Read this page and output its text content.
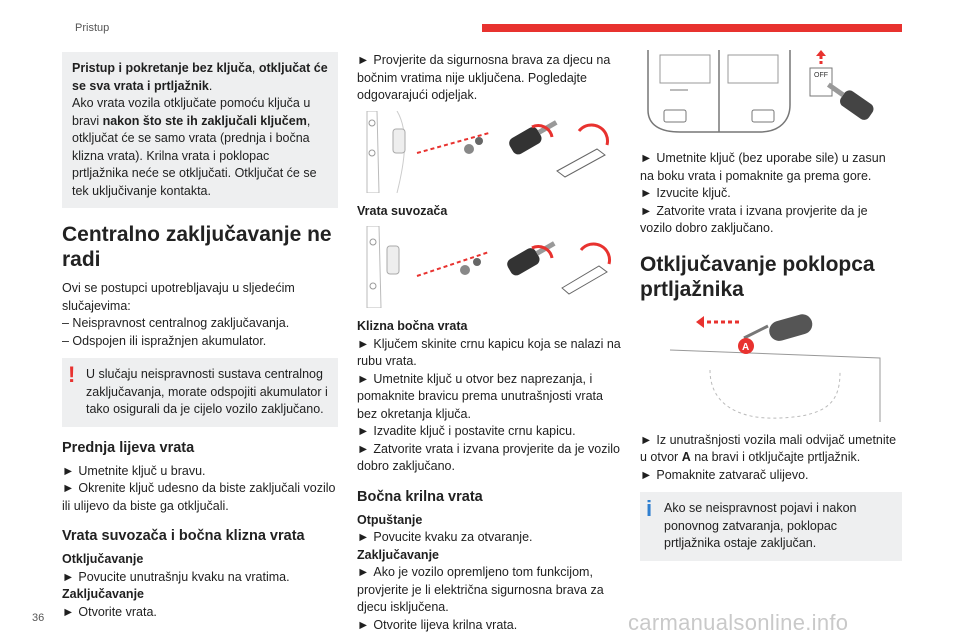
Pristup

Pristup i pokretanje bez ključa, otključat će se sva vrata i prtljažnik.

Ako vrata vozila otključate pomoću ključa u bravi nakon što ste ih zaključali ključem, otključat će se samo vrata (prednja i bočna klizna vrata). Krilna vrata i poklopac prtljažnika neće se otključati. Otključat će se tek uključivanje kontakta.

Centralno zaključavanje ne radi

Ovi se postupci upotrebljavaju u sljedećim slučajevima:

– Neispravnost centralnog zaključavanja.

– Odspojen ili ispražnjen akumulator.

! U slučaju neispravnosti sustava centralnog zaključavanja, morate odspojiti akumulator i tako osigurali da je cijelo vozilo zaključano.

Prednja lijeva vrata

► Umetnite ključ u bravu.

► Okrenite ključ udesno da biste zaključali vozilo ili ulijevo da biste ga otključali.

Vrata suvozača i bočna klizna vrata

Otključavanje

► Povucite unutrašnju kvaku na vratima.

Zaključavanje

► Otvorite vrata.

► Provjerite da sigurnosna brava za djecu na bočnim vratima nije uključena. Pogledajte odgovarajući odjeljak.

Vrata suvozača

Klizna bočna vrata

► Ključem skinite crnu kapicu koja se nalazi na rubu vrata.

► Umetnite ključ u otvor bez naprezanja, i pomaknite bravicu prema unutrašnjosti vrata bez okretanja ključa.

► Izvadite ključ i postavite crnu kapicu.

► Zatvorite vrata i izvana provjerite da je vozilo dobro zaključano.

Bočna krilna vrata

Otpuštanje

► Povucite kvaku za otvaranje.

Zaključavanje

► Ako je vozilo opremljeno tom funkcijom, provjerite je li električna sigurnosna brava za djecu isključena.

► Otvorite lijeva krilna vrata.

OFF

► Umetnite ključ (bez uporabe sile) u zasun na boku vrata i pomaknite ga prema gore.

► Izvucite ključ.

► Zatvorite vrata i izvana provjerite da je vozilo dobro zaključano.

Otključavanje poklopca prtljažnika
A

► Iz unutrašnjosti vozila mali odvijač umetnite u otvor A na bravi i otključajte prtljažnik.

► Pomaknite zatvarač ulijevo.

i Ako se neispravnost pojavi i nakon ponovnog zatvaranja, poklopac prtljažnika ostaje zaključan.

36	carmanualsonline.info
